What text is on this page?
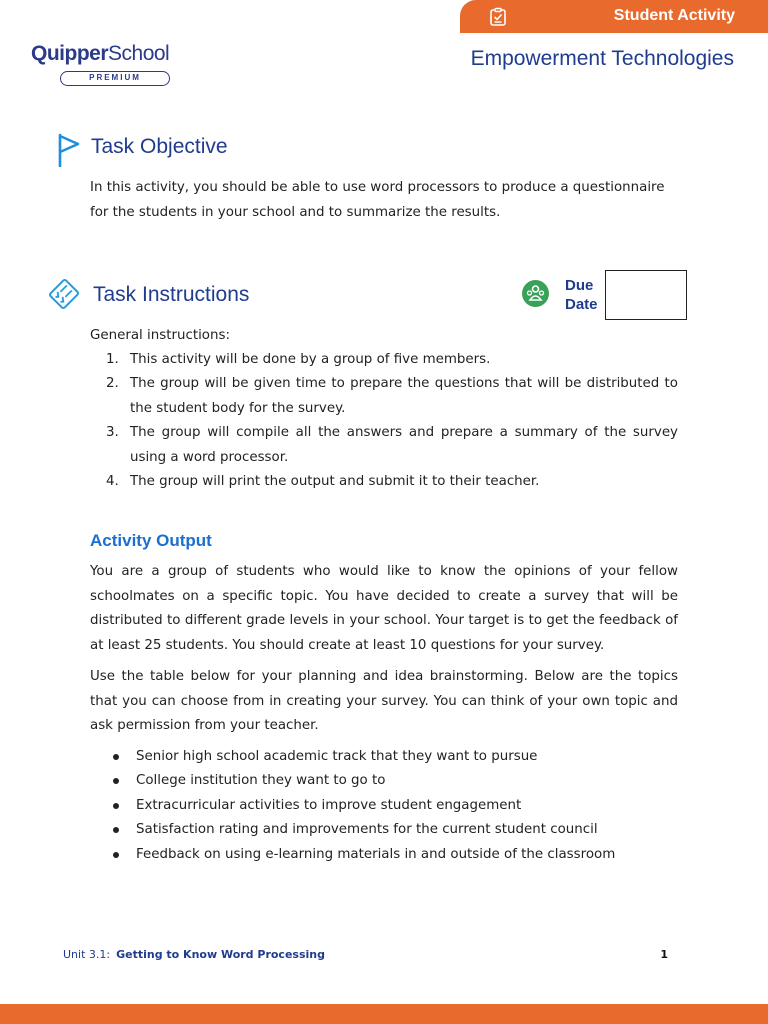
Student Activity
QuipperSchool
PREMIUM
Empowerment Technologies
Task Objective
In this activity, you should be able to use word processors to produce a questionnaire for the students in your school and to summarize the results.
Task Instructions	Due Date
General instructions:
1. This activity will be done by a group of five members.
2. The group will be given time to prepare the questions that will be distributed to the student body for the survey.
3. The group will compile all the answers and prepare a summary of the survey using a word processor.
4. The group will print the output and submit it to their teacher.
Activity Output
You are a group of students who would like to know the opinions of your fellow schoolmates on a specific topic. You have decided to create a survey that will be distributed to different grade levels in your school. Your target is to get the feedback of at least 25 students. You should create at least 10 questions for your survey.
Use the table below for your planning and idea brainstorming. Below are the topics that you can choose from in creating your survey. You can think of your own topic and ask permission from your teacher.
Senior high school academic track that they want to pursue
College institution they want to go to
Extracurricular activities to improve student engagement
Satisfaction rating and improvements for the current student council
Feedback on using e-learning materials in and outside of the classroom
Unit 3.1: Getting to Know Word Processing	1
